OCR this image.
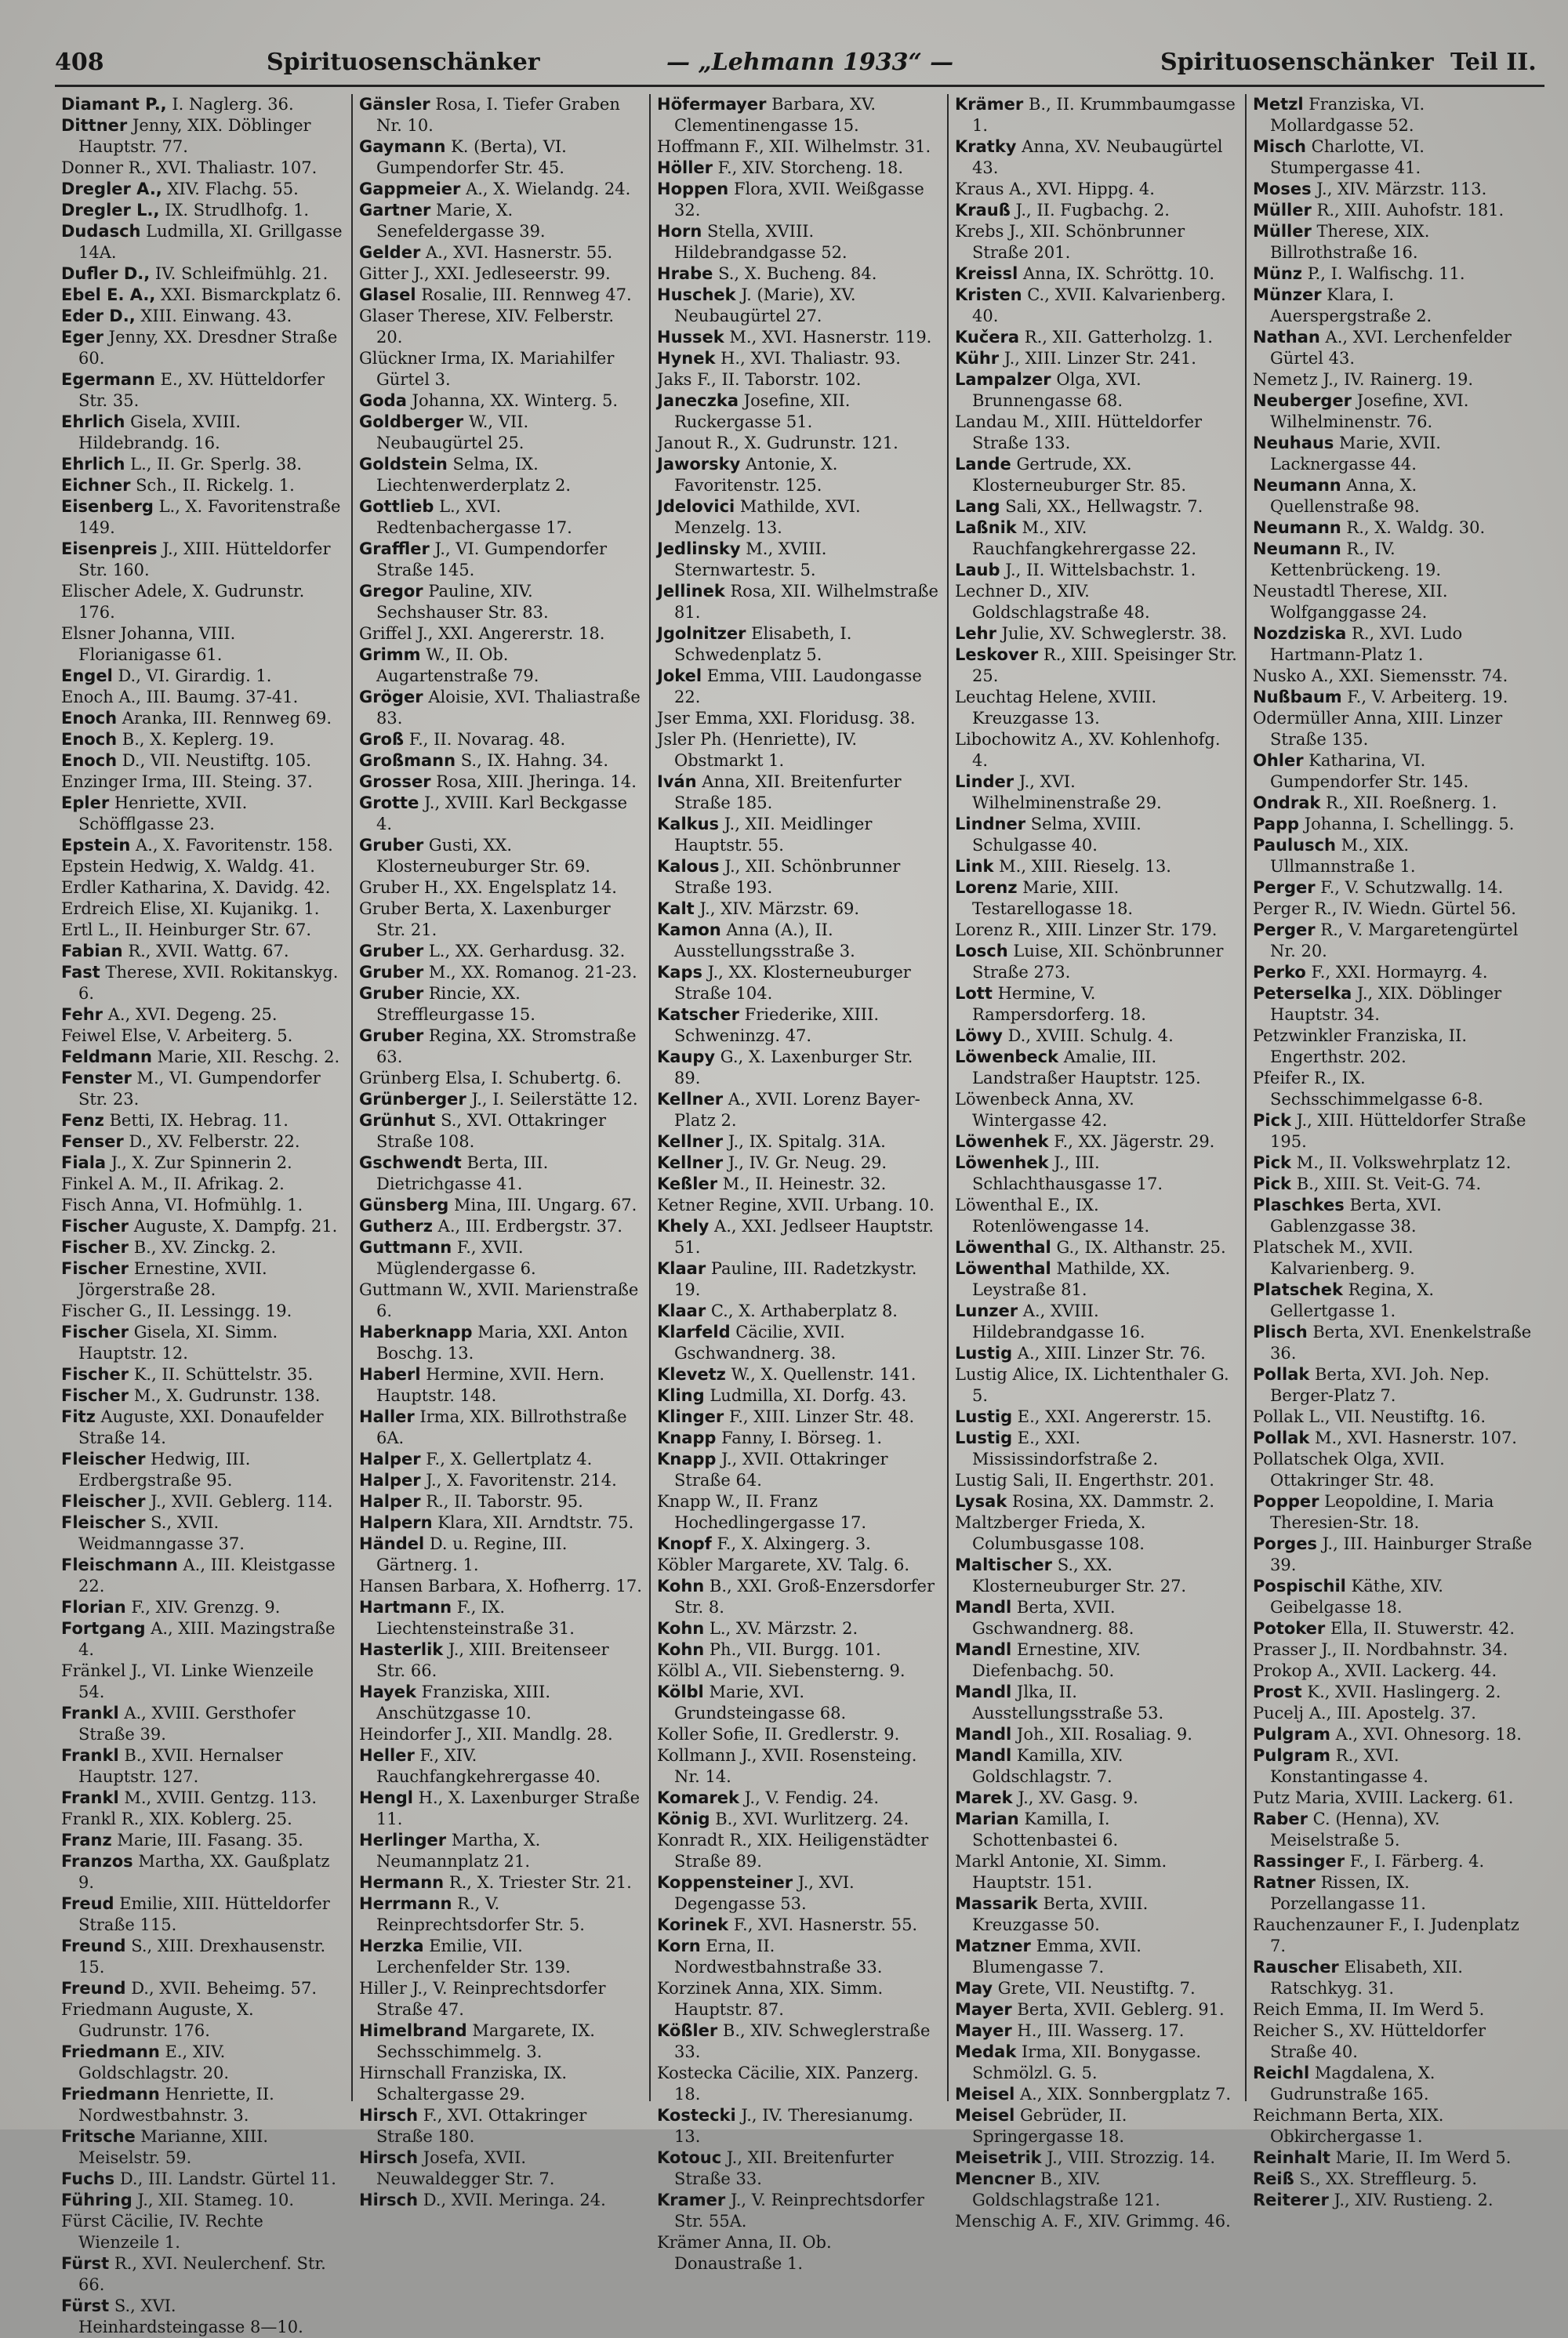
408	Spirituosenschänker	— „Lehmann 1933“ —	Spirituosenschänker Teil II.
Diamant P., I. Naglerg. 36.
Dittner Jenny, XIX. Döblinger Hauptstr. 77.
Donner R., XVI. Thaliastr. 107.
Dregler A., XIV. Flachg. 55.
Dregler L., IX. Strudlhofg. 1.
Dudasch Ludmilla, XI. Grillgasse 14A.
Dufler D., IV. Schleifmühlg. 21.
Ebel E. A., XXI. Bismarckplatz 6.
Eder D., XIII. Einwang. 43.
Eger Jenny, XX. Dresdner Straße 60.
Egermann E., XV. Hütteldorfer Str. 35.
Ehrlich Gisela, XVIII. Hildebrandg. 16.
Ehrlich L., II. Gr. Sperlg. 38.
Eichner Sch., II. Rickelg. 1.
Eisenberg L., X. Favoritenstraße 149.
Eisenpreis J., XIII. Hütteldorfer Str. 160.
Elischer Adele, X. Gudrunstr. 176.
Elsner Johanna, VIII. Florianigasse 61.
Engel D., VI. Girardig. 1.
Enoch A., III. Baumg. 37-41.
Enoch Aranka, III. Rennweg 69.
Enoch B., X. Keplerg. 19.
Enoch D., VII. Neustiftg. 105.
Enzinger Irma, III. Steing. 37.
Epler Henriette, XVII. Schöfflgasse 23.
Epstein A., X. Favoritenstr. 158.
Epstein Hedwig, X. Waldg. 41.
Erdler Katharina, X. Davidg. 42.
Erdreich Elise, XI. Kujanikg. 1.
Ertl L., II. Heinburger Str. 67.
Fabian R., XVII. Wattg. 67.
Fast Therese, XVII. Rokitanskyg. 6.
Fehr A., XVI. Degeng. 25.
Feiwel Else, V. Arbeiterg. 5.
Feldmann Marie, XII. Reschg. 2.
Fenster M., VI. Gumpendorfer Str. 23.
Fenz Betti, IX. Hebrag. 11.
Fenser D., XV. Felberstr. 22.
Fiala J., X. Zur Spinnerin 2.
Finkel A. M., II. Afrikag. 2.
Fisch Anna, VI. Hofmühlg. 1.
Fischer Auguste, X. Dampfg. 21.
Fischer B., XV. Zinckg. 2.
Fischer Ernestine, XVII. Jörgerstraße 28.
Fischer G., II. Lessingg. 19.
Fischer Gisela, XI. Simm. Hauptstr. 12.
Fischer K., II. Schüttelstr. 35.
Fischer M., X. Gudrunstr. 138.
Fitz Auguste, XXI. Donaufelder Straße 14.
Fleischer Hedwig, III. Erdbergstraße 95.
Fleischer J., XVII. Geblerg. 114.
Fleischer S., XVII. Weidmanngasse 37.
Fleischmann A., III. Kleistgasse 22.
Florian F., XIV. Grenzg. 9.
Fortgang A., XIII. Mazingstraße 4.
Fränkel J., VI. Linke Wienzeile 54.
Frankl A., XVIII. Gersthofer Straße 39.
Frankl B., XVII. Hernalser Hauptstr. 127.
Frankl M., XVIII. Gentzg. 113.
Frankl R., XIX. Koblerg. 25.
Franz Marie, III. Fasang. 35.
Franzos Martha, XX. Gaußplatz 9.
Freud Emilie, XIII. Hütteldorfer Straße 115.
Freund S., XIII. Drexhausenstr. 15.
Freund D., XVII. Beheimg. 57.
Friedmann Auguste, X. Gudrunstr. 176.
Friedmann E., XIV. Goldschlagstr. 20.
Friedmann Henriette, II. Nordwestbahnstr. 3.
Fritsche Marianne, XIII. Meiselstr. 59.
Fuchs D., III. Landstr. Gürtel 11.
Führing J., XII. Stameg. 10.
Fürst Cäcilie, IV. Rechte Wienzeile 1.
Fürst R., XVI. Neulerchenf. Str. 66.
Fürst S., XVI. Heinhardsteingasse 8—10.
Gänsler Rosa, I. Tiefer Graben Nr. 10.
Gaymann K. (Berta), VI. Gumpendorfer Str. 45.
Gappmeier A., X. Wielandg. 24.
Gartner Marie, X. Senefeldergasse 39.
Gelder A., XVI. Hasnerstr. 55.
Gitter J., XXI. Jedleseerstr. 99.
Glasel Rosalie, III. Rennweg 47.
Glaser Therese, XIV. Felberstr. 20.
Glückner Irma, IX. Mariahilfer Gürtel 3.
Goda Johanna, XX. Winterg. 5.
Goldberger W., VII. Neubaugürtel 25.
Goldstein Selma, IX. Liechtenwerderplatz 2.
Gottlieb L., XVI. Redtenbachergasse 17.
Graffler J., VI. Gumpendorfer Straße 145.
Gregor Pauline, XIV. Sechshauser Str. 83.
Griffel J., XXI. Angererstr. 18.
Grimm W., II. Ob. Augartenstraße 79.
Gröger Aloisie, XVI. Thaliastraße 83.
Groß F., II. Novarag. 48.
Großmann S., IX. Hahng. 34.
Grosser Rosa, XIII. Jheringa. 14.
Grotte J., XVIII. Karl Beckgasse 4.
Gruber Gusti, XX. Klosterneuburger Str. 69.
Gruber H., XX. Engelsplatz 14.
Gruber Berta, X. Laxenburger Str. 21.
Gruber L., XX. Gerhardusg. 32.
Gruber M., XX. Romanog. 21-23.
Gruber Rincie, XX. Streffleurgasse 15.
Gruber Regina, XX. Stromstraße 63.
Grünberg Elsa, I. Schubertg. 6.
Grünberger J., I. Seilerstätte 12.
Grünhut S., XVI. Ottakringer Straße 108.
Gschwendt Berta, III. Dietrichgasse 41.
Günsberg Mina, III. Ungarg. 67.
Gutherz A., III. Erdbergstr. 37.
Guttmann F., XVII. Müglendergasse 6.
Guttmann W., XVII. Marienstraße 6.
Haberknapp Maria, XXI. Anton Boschg. 13.
Haberl Hermine, XVII. Hern. Hauptstr. 148.
Haller Irma, XIX. Billrothstraße 6A.
Halper F., X. Gellertplatz 4.
Halper J., X. Favoritenstr. 214.
Halper R., II. Taborstr. 95.
Halpern Klara, XII. Arndtstr. 75.
Händel D. u. Regine, III. Gärtnerg. 1.
Hansen Barbara, X. Hofherrg. 17.
Hartmann F., IX. Liechtensteinstraße 31.
Hasterlik J., XIII. Breitenseer Str. 66.
Hayek Franziska, XIII. Anschützgasse 10.
Heindorfer J., XII. Mandlg. 28.
Heller F., XIV. Rauchfangkehrergasse 40.
Hengl H., X. Laxenburger Straße 11.
Herlinger Martha, X. Neumannplatz 21.
Hermann R., X. Triester Str. 21.
Herrmann R., V. Reinprechtsdorfer Str. 5.
Herzka Emilie, VII. Lerchenfelder Str. 139.
Hiller J., V. Reinprechtsdorfer Straße 47.
Himelbrand Margarete, IX. Sechsschimmelg. 3.
Hirnschall Franziska, IX. Schaltergasse 29.
Hirsch F., XVI. Ottakringer Straße 180.
Hirsch Josefa, XVII. Neuwaldegger Str. 7.
Hirsch D., XVII. Meringa. 24.
Höfermayer Barbara, XV. Clementinengasse 15.
Hoffmann F., XII. Wilhelmstr. 31.
Höller F., XIV. Storcheng. 18.
Hoppen Flora, XVII. Weißgasse 32.
Horn Stella, XVIII. Hildebrandgasse 52.
Hrabe S., X. Bucheng. 84.
Huschek J. (Marie), XV. Neubaugürtel 27.
Hussek M., XVI. Hasnerstr. 119.
Hynek H., XVI. Thaliastr. 93.
Jaks F., II. Taborstr. 102.
Janeczka Josefine, XII. Ruckergasse 51.
Janout R., X. Gudrunstr. 121.
Jaworsky Antonie, X. Favoritenstr. 125.
Jdelovici Mathilde, XVI. Menzelg. 13.
Jedlinsky M., XVIII. Sternwartestr. 5.
Jellinek Rosa, XII. Wilhelmstraße 81.
Jgolnitzer Elisabeth, I. Schwedenplatz 5.
Jokel Emma, VIII. Laudongasse 22.
Jser Emma, XXI. Floridusg. 38.
Jsler Ph. (Henriette), IV. Obstmarkt 1.
Iván Anna, XII. Breitenfurter Straße 185.
Kalkus J., XII. Meidlinger Hauptstr. 55.
Kalous J., XII. Schönbrunner Straße 193.
Kalt J., XIV. Märzstr. 69.
Kamon Anna (A.), II. Ausstellungsstraße 3.
Kaps J., XX. Klosterneuburger Straße 104.
Katscher Friederike, XIII. Schweninzg. 47.
Kaupy G., X. Laxenburger Str. 89.
Kellner A., XVII. Lorenz Bayer-Platz 2.
Kellner J., IX. Spitalg. 31A.
Kellner J., IV. Gr. Neug. 29.
Keßler M., II. Heinestr. 32.
Ketner Regine, XVII. Urbang. 10.
Khely A., XXI. Jedlseer Hauptstr. 51.
Klaar Pauline, III. Radetzkystr. 19.
Klaar C., X. Arthaberplatz 8.
Klarfeld Cäcilie, XVII. Gschwandnerg. 38.
Klevetz W., X. Quellenstr. 141.
Kling Ludmilla, XI. Dorfg. 43.
Klinger F., XIII. Linzer Str. 48.
Knapp Fanny, I. Börseg. 1.
Knapp J., XVII. Ottakringer Straße 64.
Knapp W., II. Franz Hochedlingergasse 17.
Knopf F., X. Alxingerg. 3.
Köbler Margarete, XV. Talg. 6.
Kohn B., XXI. Groß-Enzersdorfer Str. 8.
Kohn L., XV. Märzstr. 2.
Kohn Ph., VII. Burgg. 101.
Kölbl A., VII. Siebensterng. 9.
Kölbl Marie, XVI. Grundsteingasse 68.
Koller Sofie, II. Gredlerstr. 9.
Kollmann J., XVII. Rosensteing. Nr. 14.
Komarek J., V. Fendig. 24.
König B., XVI. Wurlitzerg. 24.
Konradt R., XIX. Heiligenstädter Straße 89.
Koppensteiner J., XVI. Degengasse 53.
Korinek F., XVI. Hasnerstr. 55.
Korn Erna, II. Nordwestbahnstraße 33.
Korzinek Anna, XIX. Simm. Hauptstr. 87.
Kößler B., XIV. Schweglerstraße 33.
Kostecka Cäcilie, XIX. Panzerg. 18.
Kostecki J., IV. Theresianumg. 13.
Kotouc J., XII. Breitenfurter Straße 33.
Kramer J., V. Reinprechtsdorfer Str. 55A.
Krämer Anna, II. Ob. Donaustraße 1.
Krämer B., II. Krummbaumgasse 1.
Kratky Anna, XV. Neubaugürtel 43.
Kraus A., XVI. Hippg. 4.
Krauß J., II. Fugbachg. 2.
Krebs J., XII. Schönbrunner Straße 201.
Kreissl Anna, IX. Schröttg. 10.
Kristen C., XVII. Kalvarienberg. 40.
Kučera R., XII. Gatterholzg. 1.
Kühr J., XIII. Linzer Str. 241.
Lampalzer Olga, XVI. Brunnengasse 68.
Landau M., XIII. Hütteldorfer Straße 133.
Lande Gertrude, XX. Klosterneuburger Str. 85.
Lang Sali, XX., Hellwagstr. 7.
Laßnik M., XIV. Rauchfangkehrergasse 22.
Laub J., II. Wittelsbachstr. 1.
Lechner D., XIV. Goldschlagstraße 48.
Lehr Julie, XV. Schweglerstr. 38.
Leskover R., XIII. Speisinger Str. 25.
Leuchtag Helene, XVIII. Kreuzgasse 13.
Libochowitz A., XV. Kohlenhofg. 4.
Linder J., XVI. Wilhelminenstraße 29.
Lindner Selma, XVIII. Schulgasse 40.
Link M., XIII. Rieselg. 13.
Lorenz Marie, XIII. Testarellogasse 18.
Lorenz R., XIII. Linzer Str. 179.
Losch Luise, XII. Schönbrunner Straße 273.
Lott Hermine, V. Rampersdorferg. 18.
Löwy D., XVIII. Schulg. 4.
Löwenbeck Amalie, III. Landstraßer Hauptstr. 125.
Löwenbeck Anna, XV. Wintergasse 42.
Löwenhek F., XX. Jägerstr. 29.
Löwenhek J., III. Schlachthausgasse 17.
Löwenthal E., IX. Rotenlöwengasse 14.
Löwenthal G., IX. Althanstr. 25.
Löwenthal Mathilde, XX. Leystraße 81.
Lunzer A., XVIII. Hildebrandgasse 16.
Lustig A., XIII. Linzer Str. 76.
Lustig Alice, IX. Lichtenthaler G. 5.
Lustig E., XXI. Angererstr. 15.
Lustig E., XXI. Mississindorfstraße 2.
Lustig Sali, II. Engerthstr. 201.
Lysak Rosina, XX. Dammstr. 2.
Maltzberger Frieda, X. Columbusgasse 108.
Maltischer S., XX. Klosterneuburger Str. 27.
Mandl Berta, XVII. Gschwandnerg. 88.
Mandl Ernestine, XIV. Diefenbachg. 50.
Mandl Jlka, II. Ausstellungsstraße 53.
Mandl Joh., XII. Rosaliag. 9.
Mandl Kamilla, XIV. Goldschlagstr. 7.
Marek J., XV. Gasg. 9.
Marian Kamilla, I. Schottenbastei 6.
Markl Antonie, XI. Simm. Hauptstr. 151.
Massarik Berta, XVIII. Kreuzgasse 50.
Matzner Emma, XVII. Blumengasse 7.
May Grete, VII. Neustiftg. 7.
Mayer Berta, XVII. Geblerg. 91.
Mayer H., III. Wasserg. 17.
Medak Irma, XII. Bonygasse. Schmölzl. G. 5.
Meisel A., XIX. Sonnbergplatz 7.
Meisel Gebrüder, II. Springergasse 18.
Meisetrik J., VIII. Strozzig. 14.
Mencner B., XIV. Goldschlagstraße 121.
Menschig A. F., XIV. Grimmg. 46.
Metzl Franziska, VI. Mollardgasse 52.
Misch Charlotte, VI. Stumpergasse 41.
Moses J., XIV. Märzstr. 113.
Müller R., XIII. Auhofstr. 181.
Müller Therese, XIX. Billrothstraße 16.
Münz P., I. Walfischg. 11.
Münzer Klara, I. Auerspergstraße 2.
Nathan A., XVI. Lerchenfelder Gürtel 43.
Nemetz J., IV. Rainerg. 19.
Neuberger Josefine, XVI. Wilhelminenstr. 76.
Neuhaus Marie, XVII. Lacknergasse 44.
Neumann Anna, X. Quellenstraße 98.
Neumann R., X. Waldg. 30.
Neumann R., IV. Kettenbrückeng. 19.
Neustadtl Therese, XII. Wolfganggasse 24.
Nozdziska R., XVI. Ludo Hartmann-Platz 1.
Nusko A., XXI. Siemensstr. 74.
Nußbaum F., V. Arbeiterg. 19.
Odermüller Anna, XIII. Linzer Straße 135.
Ohler Katharina, VI. Gumpendorfer Str. 145.
Ondrak R., XII. Roeßnerg. 1.
Papp Johanna, I. Schellingg. 5.
Paulusch M., XIX. Ullmannstraße 1.
Perger F., V. Schutzwallg. 14.
Perger R., IV. Wiedn. Gürtel 56.
Perger R., V. Margaretengürtel Nr. 20.
Perko F., XXI. Hormayrg. 4.
Peterselka J., XIX. Döblinger Hauptstr. 34.
Petzwinkler Franziska, II. Engerthstr. 202.
Pfeifer R., IX. Sechsschimmelgasse 6-8.
Pick J., XIII. Hütteldorfer Straße 195.
Pick M., II. Volkswehrplatz 12.
Pick B., XIII. St. Veit-G. 74.
Plaschkes Berta, XVI. Gablenzgasse 38.
Platschek M., XVII. Kalvarienberg. 9.
Platschek Regina, X. Gellertgasse 1.
Plisch Berta, XVI. Enenkelstraße 36.
Pollak Berta, XVI. Joh. Nep. Berger-Platz 7.
Pollak L., VII. Neustiftg. 16.
Pollak M., XVI. Hasnerstr. 107.
Pollatschek Olga, XVII. Ottakringer Str. 48.
Popper Leopoldine, I. Maria Theresien-Str. 18.
Porges J., III. Hainburger Straße 39.
Pospischil Käthe, XIV. Geibelgasse 18.
Potoker Ella, II. Stuwerstr. 42.
Prasser J., II. Nordbahnstr. 34.
Prokop A., XVII. Lackerg. 44.
Prost K., XVII. Haslingerg. 2.
Pucelj A., III. Apostelg. 37.
Pulgram A., XVI. Ohnesorg. 18.
Pulgram R., XVI. Konstantingasse 4.
Putz Maria, XVIII. Lackerg. 61.
Raber C. (Henna), XV. Meiselstraße 5.
Rassinger F., I. Färberg. 4.
Ratner Rissen, IX. Porzellangasse 11.
Rauchenzauner F., I. Judenplatz 7.
Rauscher Elisabeth, XII. Ratschkyg. 31.
Reich Emma, II. Im Werd 5.
Reicher S., XV. Hütteldorfer Straße 40.
Reichl Magdalena, X. Gudrunstraße 165.
Reichmann Berta, XIX. Obkirchergasse 1.
Reinhalt Marie, II. Im Werd 5.
Reiß S., XX. Streffleurg. 5.
Reiterer J., XIV. Rustieng. 2.
